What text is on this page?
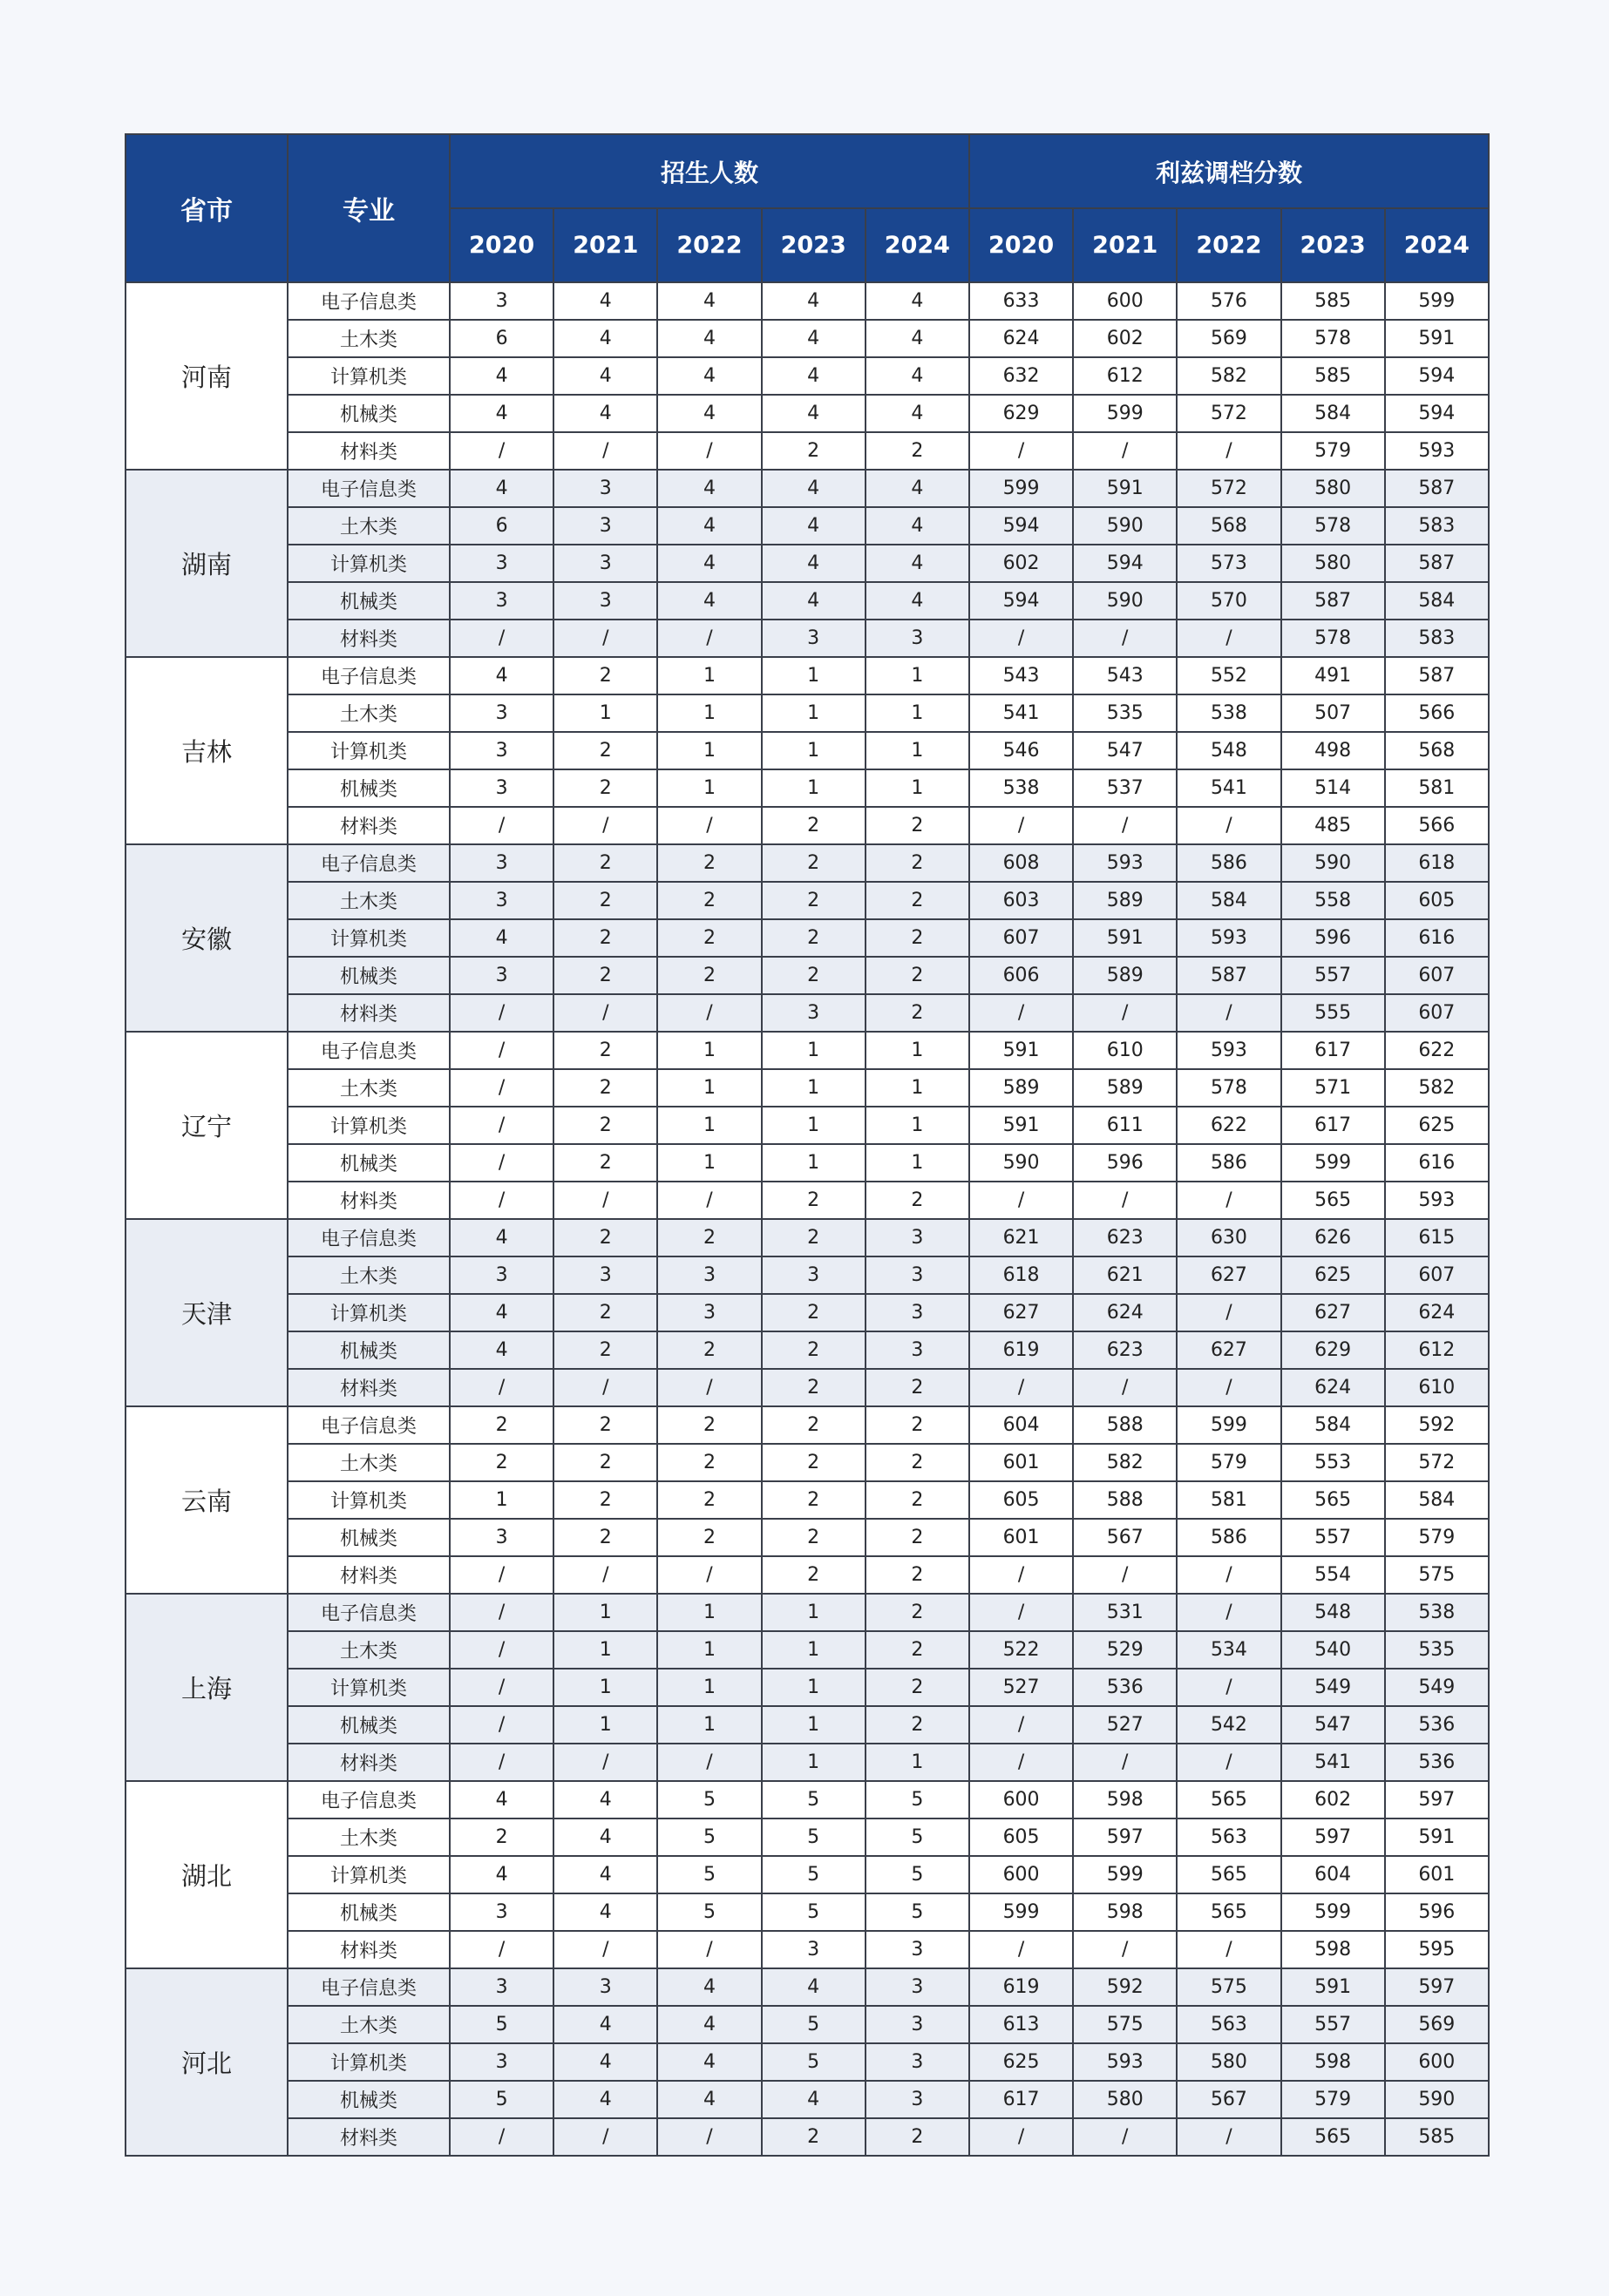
省市	专业	招生人数					利兹调档分数				
		2020	2021	2022	2023	2024	2020	2021	2022	2023	2024
河南	电子信息类	3	4	4	4	4	633	600	576	585	599
	土木类	6	4	4	4	4	624	602	569	578	591
	计算机类	4	4	4	4	4	632	612	582	585	594
	机械类	4	4	4	4	4	629	599	572	584	594
	材料类	/	/	/	2	2	/	/	/	579	593
湖南	电子信息类	4	3	4	4	4	599	591	572	580	587
	土木类	6	3	4	4	4	594	590	568	578	583
	计算机类	3	3	4	4	4	602	594	573	580	587
	机械类	3	3	4	4	4	594	590	570	587	584
	材料类	/	/	/	3	3	/	/	/	578	583
吉林	电子信息类	4	2	1	1	1	543	543	552	491	587
	土木类	3	1	1	1	1	541	535	538	507	566
	计算机类	3	2	1	1	1	546	547	548	498	568
	机械类	3	2	1	1	1	538	537	541	514	581
	材料类	/	/	/	2	2	/	/	/	485	566
安徽	电子信息类	3	2	2	2	2	608	593	586	590	618
	土木类	3	2	2	2	2	603	589	584	558	605
	计算机类	4	2	2	2	2	607	591	593	596	616
	机械类	3	2	2	2	2	606	589	587	557	607
	材料类	/	/	/	3	2	/	/	/	555	607
辽宁	电子信息类	/	2	1	1	1	591	610	593	617	622
	土木类	/	2	1	1	1	589	589	578	571	582
	计算机类	/	2	1	1	1	591	611	622	617	625
	机械类	/	2	1	1	1	590	596	586	599	616
	材料类	/	/	/	2	2	/	/	/	565	593
天津	电子信息类	4	2	2	2	3	621	623	630	626	615
	土木类	3	3	3	3	3	618	621	627	625	607
	计算机类	4	2	3	2	3	627	624	/	627	624
	机械类	4	2	2	2	3	619	623	627	629	612
	材料类	/	/	/	2	2	/	/	/	624	610
云南	电子信息类	2	2	2	2	2	604	588	599	584	592
	土木类	2	2	2	2	2	601	582	579	553	572
	计算机类	1	2	2	2	2	605	588	581	565	584
	机械类	3	2	2	2	2	601	567	586	557	579
	材料类	/	/	/	2	2	/	/	/	554	575
上海	电子信息类	/	1	1	1	2	/	531	/	548	538
	土木类	/	1	1	1	2	522	529	534	540	535
	计算机类	/	1	1	1	2	527	536	/	549	549
	机械类	/	1	1	1	2	/	527	542	547	536
	材料类	/	/	/	1	1	/	/	/	541	536
湖北	电子信息类	4	4	5	5	5	600	598	565	602	597
	土木类	2	4	5	5	5	605	597	563	597	591
	计算机类	4	4	5	5	5	600	599	565	604	601
	机械类	3	4	5	5	5	599	598	565	599	596
	材料类	/	/	/	3	3	/	/	/	598	595
河北	电子信息类	3	3	4	4	3	619	592	575	591	597
	土木类	5	4	4	5	3	613	575	563	557	569
	计算机类	3	4	4	5	3	625	593	580	598	600
	机械类	5	4	4	4	3	617	580	567	579	590
	材料类	/	/	/	2	2	/	/	/	565	585
